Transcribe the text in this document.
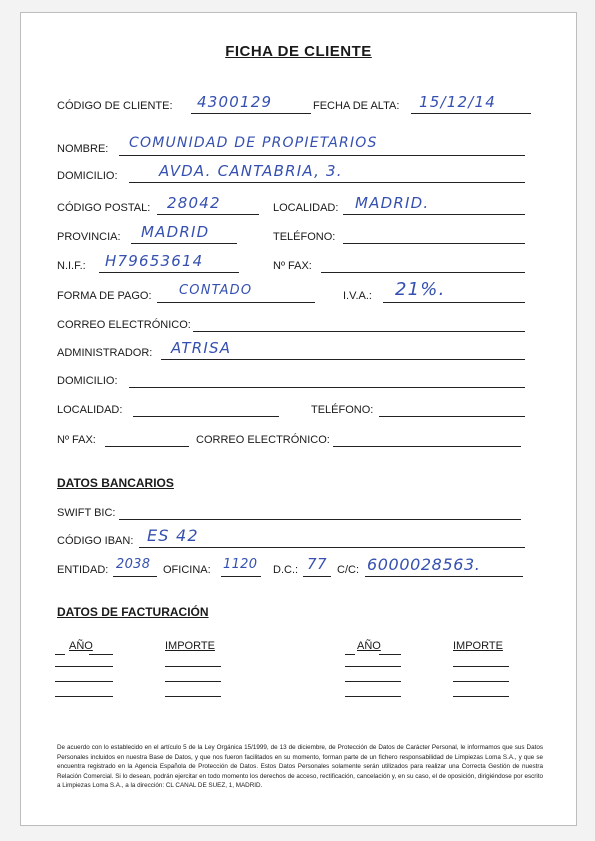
FICHA DE CLIENTE
CÓDIGO DE CLIENTE: 4300129	FECHA DE ALTA: 15/12/14
NOMBRE: COMUNIDAD DE PROPIETARIOS
DOMICILIO:	AVDA. CANTABRIA, 3.
CÓDIGO POSTAL: 28042	LOCALIDAD: MADRID.
PROVINCIA: MADRID	TELÉFONO:
N.I.F.: H79653614	Nº FAX:
FORMA DE PAGO: CONTADO	I.V.A.: 21%.
CORREO ELECTRÓNICO:
ADMINISTRADOR: ATRISA
DOMICILIO:
LOCALIDAD:	TELÉFONO:
Nº FAX:	CORREO ELECTRÓNICO:
DATOS BANCARIOS
SWIFT BIC:
CÓDIGO IBAN: ES 42
ENTIDAD: 2038 OFICINA: 1120 D.C.: 77 C/C: 6000028563.
DATOS DE FACTURACIÓN
AÑO	IMPORTE	AÑO	IMPORTE
De acuerdo con lo establecido en el artículo 5 de la Ley Orgánica 15/1999, de 13 de diciembre, de Protección de Datos de Carácter Personal, le informamos que sus Datos Personales incluidos en nuestra Base de Datos, y que nos fueron facilitados en su momento, forman parte de un fichero responsabilidad de Limpiezas Loma S.A., y que se encuentra registrado en la Agencia Española de Protección de Datos. Estos Datos Personales solamente serán utilizados para realizar una Correcta Gestión de nuestra Relación Comercial. Si lo desean, podrán ejercitar en todo momento los derechos de acceso, rectificación, cancelación y, en su caso, el de oposición, dirigiéndose por escrito a Limpiezas Loma S.A., a la dirección: CL CANAL DE SUEZ, 1, MADRID.
